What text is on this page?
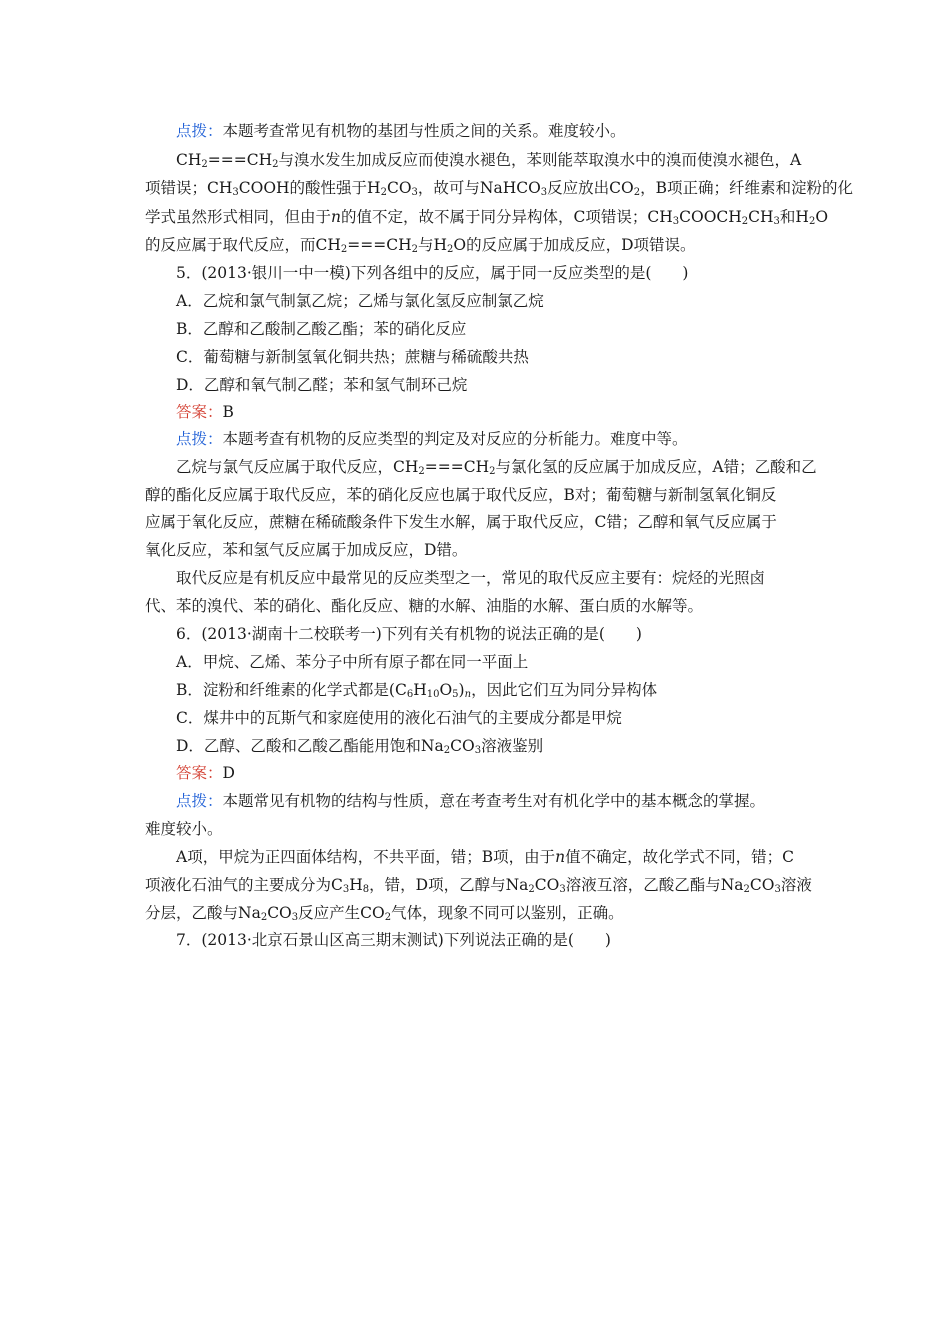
点拨：本题考查常见有机物的基团与性质之间的关系。难度较小。
$CH_2===CH_2$与溴水发生加成反应而使溴水褪色，苯则能萃取溴水中的溴而使溴水褪色，A
项错误；$CH_3COOH$的酸性强于$H_2CO_3$，故可与NaHCO$_3$反应放出$CO_2$，B项正确；纤维素和淀粉的化
学式虽然形式相同，但由于n的值不定，故不属于同分异构体，C项错误；$CH_3COOCH_2CH_3$和$H_2O$
的反应属于取代反应，而$CH_2===CH_2$与$H_2O$的反应属于加成反应，D项错误。
5．(2013·银川一中一模)下列各组中的反应，属于同一反应类型的是(　　)
A．乙烷和氯气制氯乙烷；乙烯与氯化氢反应制氯乙烷
B．乙醇和乙酸制乙酸乙酯；苯的硝化反应
C．葡萄糖与新制氢氧化铜共热；蔗糖与稀硫酸共热
D．乙醇和氧气制乙醛；苯和氢气制环己烷
答案：B
点拨：本题考查有机物的反应类型的判定及对反应的分析能力。难度中等。
乙烷与氯气反应属于取代反应，$CH_2===CH_2$与氯化氢的反应属于加成反应，A错；乙酸和乙
醇的酯化反应属于取代反应，苯的硝化反应也属于取代反应，B对；葡萄糖与新制氢氧化铜反
应属于氧化反应，蔗糖在稀硫酸条件下发生水解，属于取代反应，C错；乙醇和氧气反应属于
氧化反应，苯和氢气反应属于加成反应，D错。
取代反应是有机反应中最常见的反应类型之一，常见的取代反应主要有：烷烃的光照卤
代、苯的溴代、苯的硝化、酯化反应、糖的水解、油脂的水解、蛋白质的水解等。
6．(2013·湖南十二校联考一)下列有关有机物的说法正确的是(　　)
A．甲烷、乙烯、苯分子中所有原子都在同一平面上
B．淀粉和纤维素的化学式都是$(C_6H_{10}O_5)_n$，因此它们互为同分异构体
C．煤井中的瓦斯气和家庭使用的液化石油气的主要成分都是甲烷
D．乙醇、乙酸和乙酸乙酯能用饱和$Na_2CO_3$溶液鉴别
答案：D
点拨：本题常见有机物的结构与性质，意在考查考生对有机化学中的基本概念的掌握。
难度较小。
A项，甲烷为正四面体结构，不共平面，错；B项，由于n值不确定，故化学式不同，错；C
项液化石油气的主要成分为$C_3H_8$，错，D项，乙醇与$Na_2CO_3$溶液互溶，乙酸乙酯与$Na_2CO_3$溶液
分层，乙酸与$Na_2CO_3$反应产生$CO_2$气体，现象不同可以鉴别，正确。
7．(2013·北京石景山区高三期末测试)下列说法正确的是(　　)
